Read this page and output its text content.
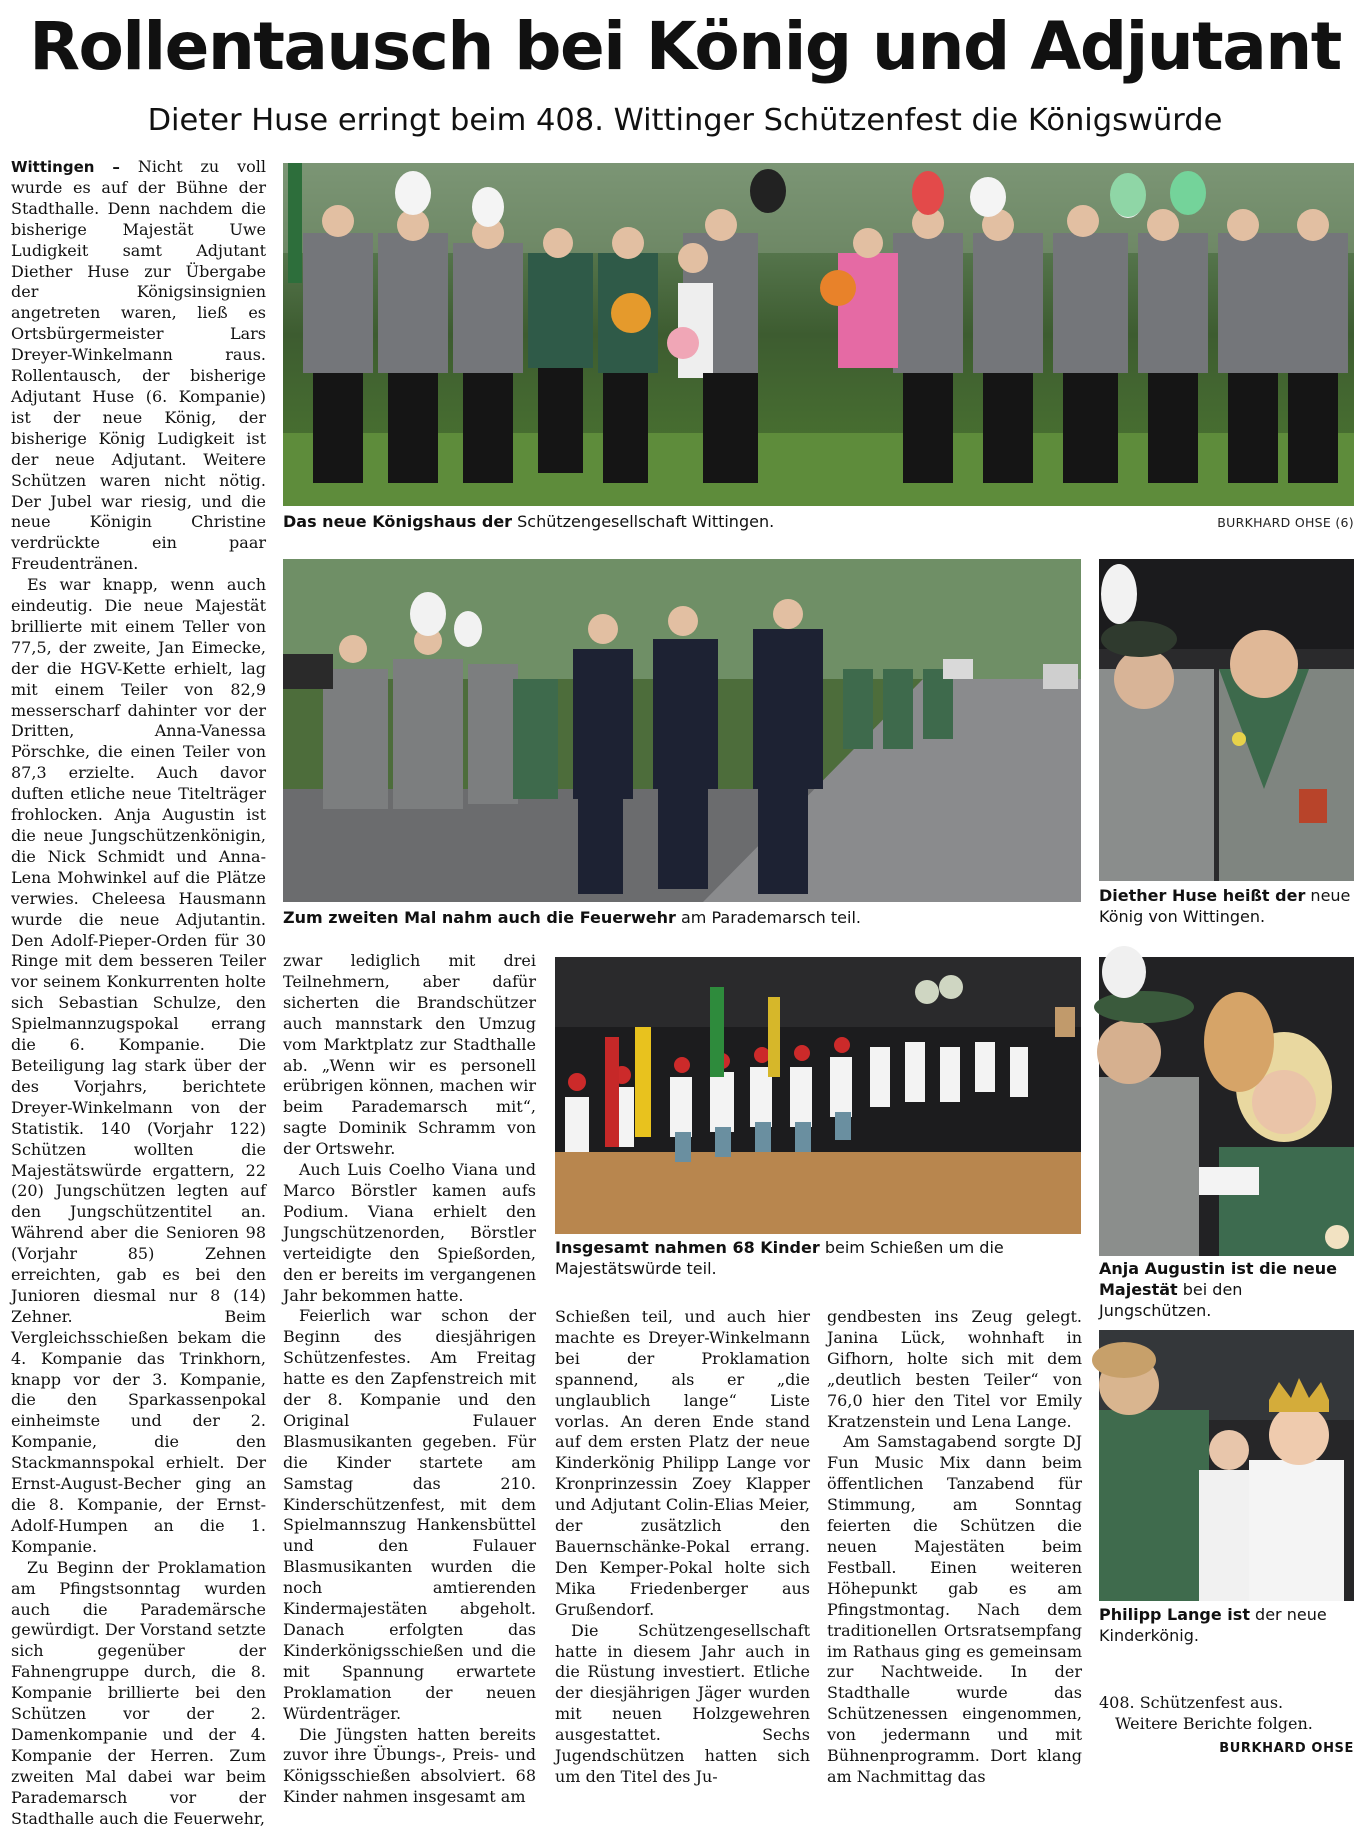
Rollentausch bei König und Adjutant
Dieter Huse erringt beim 408. Wittinger Schützenfest die Königswürde

Wittingen – Nicht zu voll wurde es auf der Bühne der Stadthalle. Denn nachdem die bisherige Majestät Uwe Ludigkeit samt Adjutant Diether Huse zur Übergabe der Königsinsignien angetreten waren, ließ es Ortsbürgermeister Lars Dreyer-Winkelmann raus. Rollentausch, der bisherige Adjutant Huse (6. Kompanie) ist der neue König, der bisherige König Ludigkeit ist der neue Adjutant. Weitere Schützen waren nicht nötig. Der Jubel war riesig, und die neue Königin Christine verdrückte ein paar Freudentränen.

Es war knapp, wenn auch eindeutig. Die neue Majestät brillierte mit einem Teller von 77,5, der zweite, Jan Eimecke, der die HGV-Kette erhielt, lag mit einem Teiler von 82,9 messerscharf dahinter vor der Dritten, Anna-Vanessa Pörschke, die einen Teiler von 87,3 erzielte. Auch davor duften etliche neue Titelträger frohlocken. Anja Augustin ist die neue Jungschützenkönigin, die Nick Schmidt und Anna-Lena Mohwinkel auf die Plätze verwies. Cheleesa Hausmann wurde die neue Adjutantin. Den Adolf-Pieper-Orden für 30 Ringe mit dem besseren Teiler vor seinem Konkurrenten holte sich Sebastian Schulze, den Spielmannzugspokal errang die 6. Kompanie. Die Beteiligung lag stark über der des Vorjahrs, berichtete Dreyer-Winkelmann von der Statistik. 140 (Vorjahr 122) Schützen wollten die Majestätswürde ergattern, 22 (20) Jungschützen legten auf den Jungschützentitel an. Während aber die Senioren 98 (Vorjahr 85) Zehnen erreichten, gab es bei den Junioren diesmal nur 8 (14) Zehner. Beim Vergleichsschießen bekam die 4. Kompanie das Trinkhorn, knapp vor der 3. Kompanie, die den Sparkassenpokal einheimste und der 2. Kompanie, die den Stackmannspokal erhielt. Der Ernst-August-Becher ging an die 8. Kompanie, der Ernst-Adolf-Humpen an die 1. Kompanie.

Zu Beginn der Proklamation am Pfingstsonntag wurden auch die Parademärsche gewürdigt. Der Vorstand setzte sich gegenüber der Fahnengruppe durch, die 8. Kompanie brillierte bei den Schützen vor der 2. Damenkompanie und der 4. Kompanie der Herren. Zum zweiten Mal dabei war beim Parademarsch vor der Stadthalle auch die Feuerwehr,

Das neue Königshaus der Schützengesellschaft Wittingen.	BURKHARD OHSE (6)
Zum zweiten Mal nahm auch die Feuerwehr am Parademarsch teil.
Diether Huse heißt der neue König von Wittingen.
Insgesamt nahmen 68 Kinder beim Schießen um die Majestätswürde teil.	Anja Augustin ist die neue Majestät bei den Jungschützen.
Philipp Lange ist der neue Kinderkönig.

zwar lediglich mit drei Teilnehmern, aber dafür sicherten die Brandschützer auch mannstark den Umzug vom Marktplatz zur Stadthalle ab. „Wenn wir es personell erübrigen können, machen wir beim Parademarsch mit“, sagte Dominik Schramm von der Ortswehr.

Auch Luis Coelho Viana und Marco Börstler kamen aufs Podium. Viana erhielt den Jungschützenorden, Börstler verteidigte den Spießorden, den er bereits im vergangenen Jahr bekommen hatte.

Feierlich war schon der Beginn des diesjährigen Schützenfestes. Am Freitag hatte es den Zapfenstreich mit der 8. Kompanie und den Original Fulauer Blasmusikanten gegeben. Für die Kinder startete am Samstag das 210. Kinderschützenfest, mit dem Spielmannszug Hankensbüttel und den Fulauer Blasmusikanten wurden die noch amtierenden Kindermajestäten abgeholt. Danach erfolgten das Kinderkönigsschießen und die mit Spannung erwartete Proklamation der neuen Würdenträger.

Die Jüngsten hatten bereits zuvor ihre Übungs-, Preis- und Königsschießen absolviert. 68 Kinder nahmen insgesamt am

Schießen teil, und auch hier machte es Dreyer-Winkelmann bei der Proklamation spannend, als er „die unglaublich lange“ Liste vorlas. An deren Ende stand auf dem ersten Platz der neue Kinderkönig Philipp Lange vor Kronprinzessin Zoey Klapper und Adjutant Colin-Elias Meier, der zusätzlich den Bauernschänke-Pokal errang. Den Kemper-Pokal holte sich Mika Friedenberger aus Grußendorf.

Die Schützengesellschaft hatte in diesem Jahr auch in die Rüstung investiert. Etliche der diesjährigen Jäger wurden mit neuen Holzgewehren ausgestattet. Sechs Jugendschützen hatten sich um den Titel des Ju-

gendbesten ins Zeug gelegt. Janina Lück, wohnhaft in Gifhorn, holte sich mit dem „deutlich besten Teiler“ von 76,0 hier den Titel vor Emily Kratzenstein und Lena Lange.

Am Samstagabend sorgte DJ Fun Music Mix dann beim öffentlichen Tanzabend für Stimmung, am Sonntag feierten die Schützen die neuen Majestäten beim Festball. Einen weiteren Höhepunkt gab es am Pfingstmontag. Nach dem traditionellen Ortsratsempfang im Rathaus ging es gemeinsam zur Nachtweide. In der Stadthalle wurde das Schützenessen eingenommen, von jedermann und mit Bühnenprogramm. Dort klang am Nachmittag das

408. Schützenfest aus.

Weitere Berichte folgen.

BURKHARD OHSE
